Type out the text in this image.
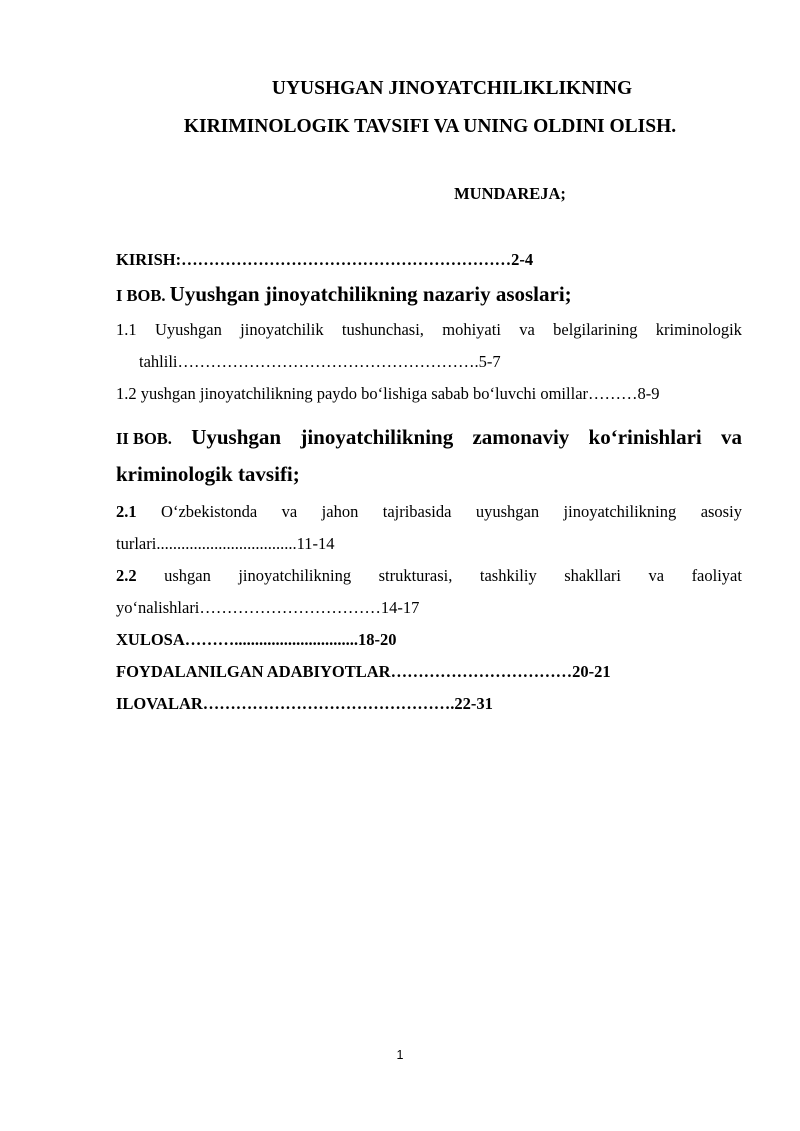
UYUSHGAN JINOYATCHILIKLIKNING
KIRIMINOLOGIK TAVSIFI VA UNING OLDINI OLISH.
MUNDAREJA;
KIRISH:……………………………………………………2-4
I BOB. Uyushgan jinoyatchilikning nazariy asoslari;
1.1 Uyushgan jinoyatchilik tushunchasi, mohiyati va belgilarining kriminologik
tahlili……………………………………………….5-7
1.2 yushgan jinoyatchilikning paydo bo‘lishiga sabab bo‘luvchi omillar………8-9
II BOB. Uyushgan jinoyatchilikning zamonaviy ko‘rinishlari va
kriminologik tavsifi;
2.1 O‘zbekistonda va jahon tajribasida uyushgan jinoyatchilikning asosiy
turlari..................................11-14
2.2 ushgan jinoyatchilikning strukturasi, tashkiliy shakllari va faoliyat
yo‘nalishlari……………………………14-17
XULOSA………..............................18-20
FOYDALANILGAN ADABIYOTLAR……………………………20-21
ILOVALAR……………………………………….22-31
1
